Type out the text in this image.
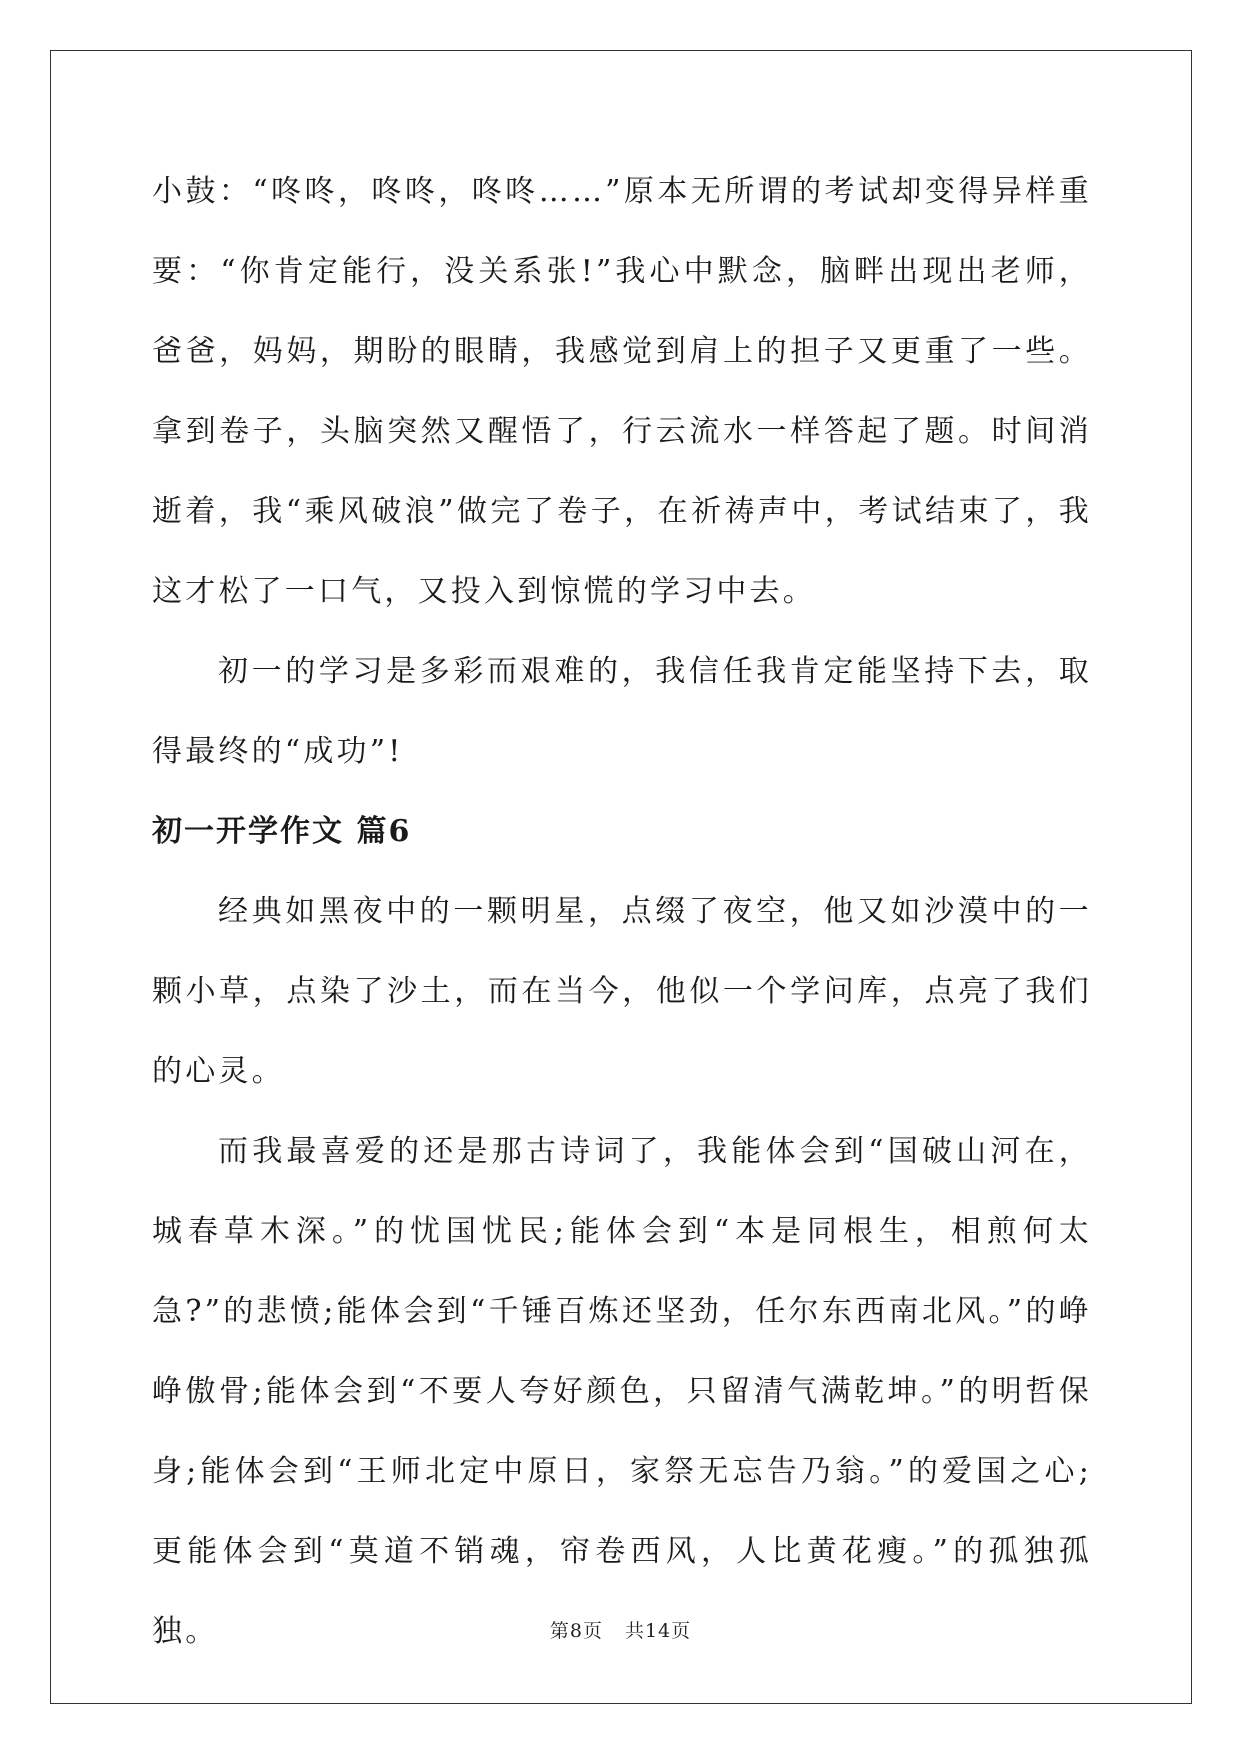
小鼓：“咚咚，咚咚，咚咚……”原本无所谓的考试却变得异样重要：“你肯定能行，没关系张!”我心中默念，脑畔出现出老师，爸爸，妈妈，期盼的眼睛，我感觉到肩上的担子又更重了一些。拿到卷子，头脑突然又醒悟了，行云流水一样答起了题。时间消逝着，我“乘风破浪”做完了卷子，在祈祷声中，考试结束了，我这才松了一口气，又投入到惊慌的学习中去。

初一的学习是多彩而艰难的，我信任我肯定能坚持下去，取得最终的“成功”!

初一开学作文 篇6

经典如黑夜中的一颗明星，点缀了夜空，他又如沙漠中的一颗小草，点染了沙土，而在当今，他似一个学问库，点亮了我们的心灵。

而我最喜爱的还是那古诗词了，我能体会到“国破山河在，城春草木深。”的忧国忧民;能体会到“本是同根生，相煎何太急?”的悲愤;能体会到“千锤百炼还坚劲，任尔东西南北风。”的峥峥傲骨;能体会到“不要人夸好颜色，只留清气满乾坤。”的明哲保身;能体会到“王师北定中原日，家祭无忘告乃翁。”的爱国之心;更能体会到“莫道不销魂，帘卷西风，人比黄花瘦。”的孤独孤独。	第8页 共14页
